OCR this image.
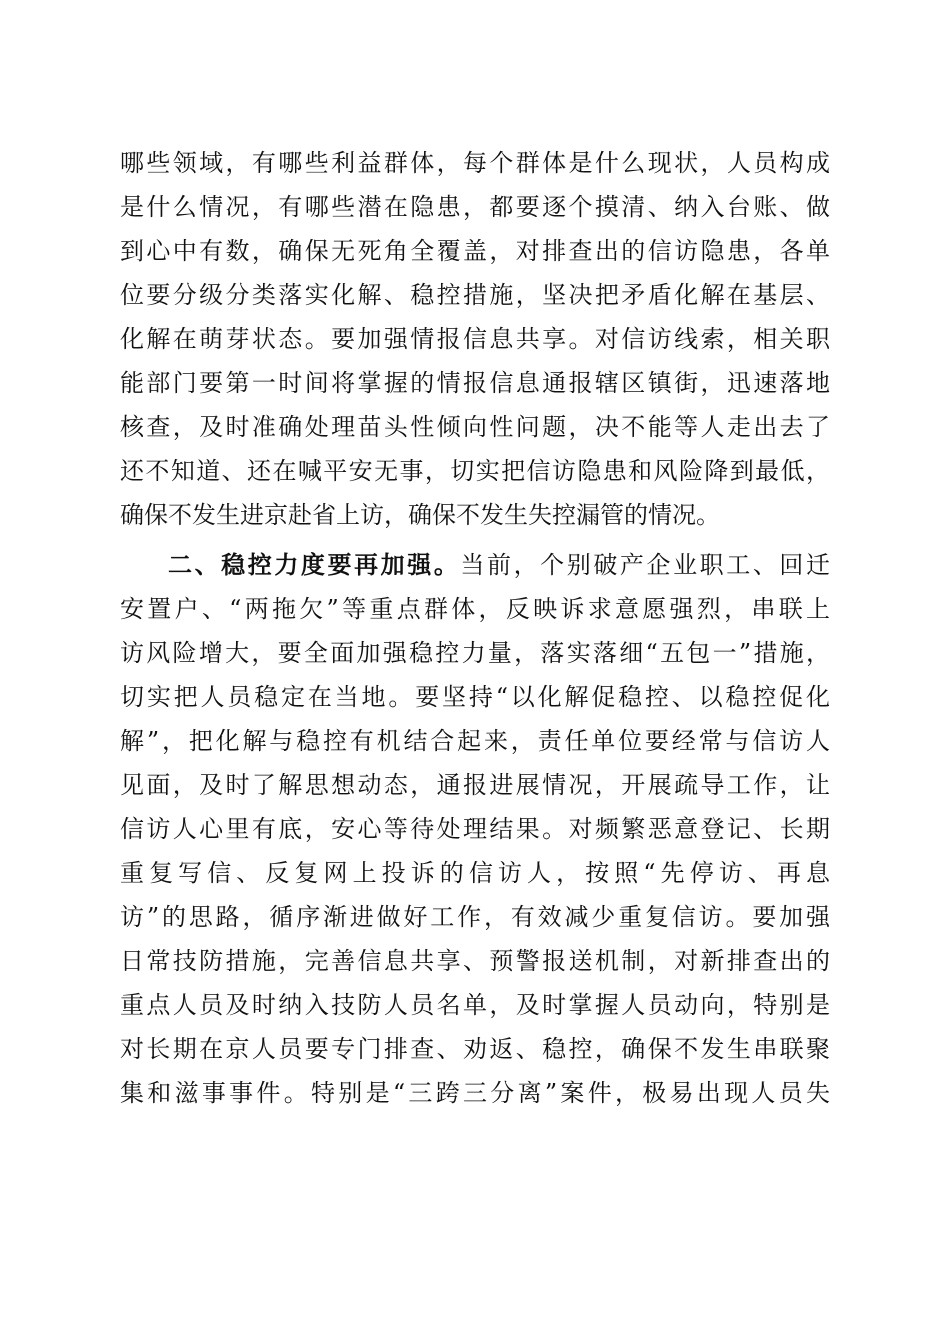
哪些领域，有哪些利益群体，每个群体是什么现状，人员构成
是什么情况，有哪些潜在隐患，都要逐个摸清、纳入台账、做
到心中有数，确保无死角全覆盖，对排查出的信访隐患，各单
位要分级分类落实化解、稳控措施，坚决把矛盾化解在基层、
化解在萌芽状态。要加强情报信息共享。对信访线索，相关职
能部门要第一时间将掌握的情报信息通报辖区镇街，迅速落地
核查，及时准确处理苗头性倾向性问题，决不能等人走出去了
还不知道、还在喊平安无事，切实把信访隐患和风险降到最低，
确保不发生进京赴省上访，确保不发生失控漏管的情况。
二、稳控力度要再加强。当前，个别破产企业职工、回迁
安置户、“两拖欠”等重点群体，反映诉求意愿强烈，串联上
访风险增大，要全面加强稳控力量，落实落细“五包一”措施，
切实把人员稳定在当地。要坚持“以化解促稳控、以稳控促化
解”，把化解与稳控有机结合起来，责任单位要经常与信访人
见面，及时了解思想动态，通报进展情况，开展疏导工作，让
信访人心里有底，安心等待处理结果。对频繁恶意登记、长期
重复写信、反复网上投诉的信访人，按照“先停访、再息
访”的思路，循序渐进做好工作，有效减少重复信访。要加强
日常技防措施，完善信息共享、预警报送机制，对新排查出的
重点人员及时纳入技防人员名单，及时掌握人员动向，特别是
对长期在京人员要专门排查、劝返、稳控，确保不发生串联聚
集和滋事事件。特别是“三跨三分离”案件，极易出现人员失
